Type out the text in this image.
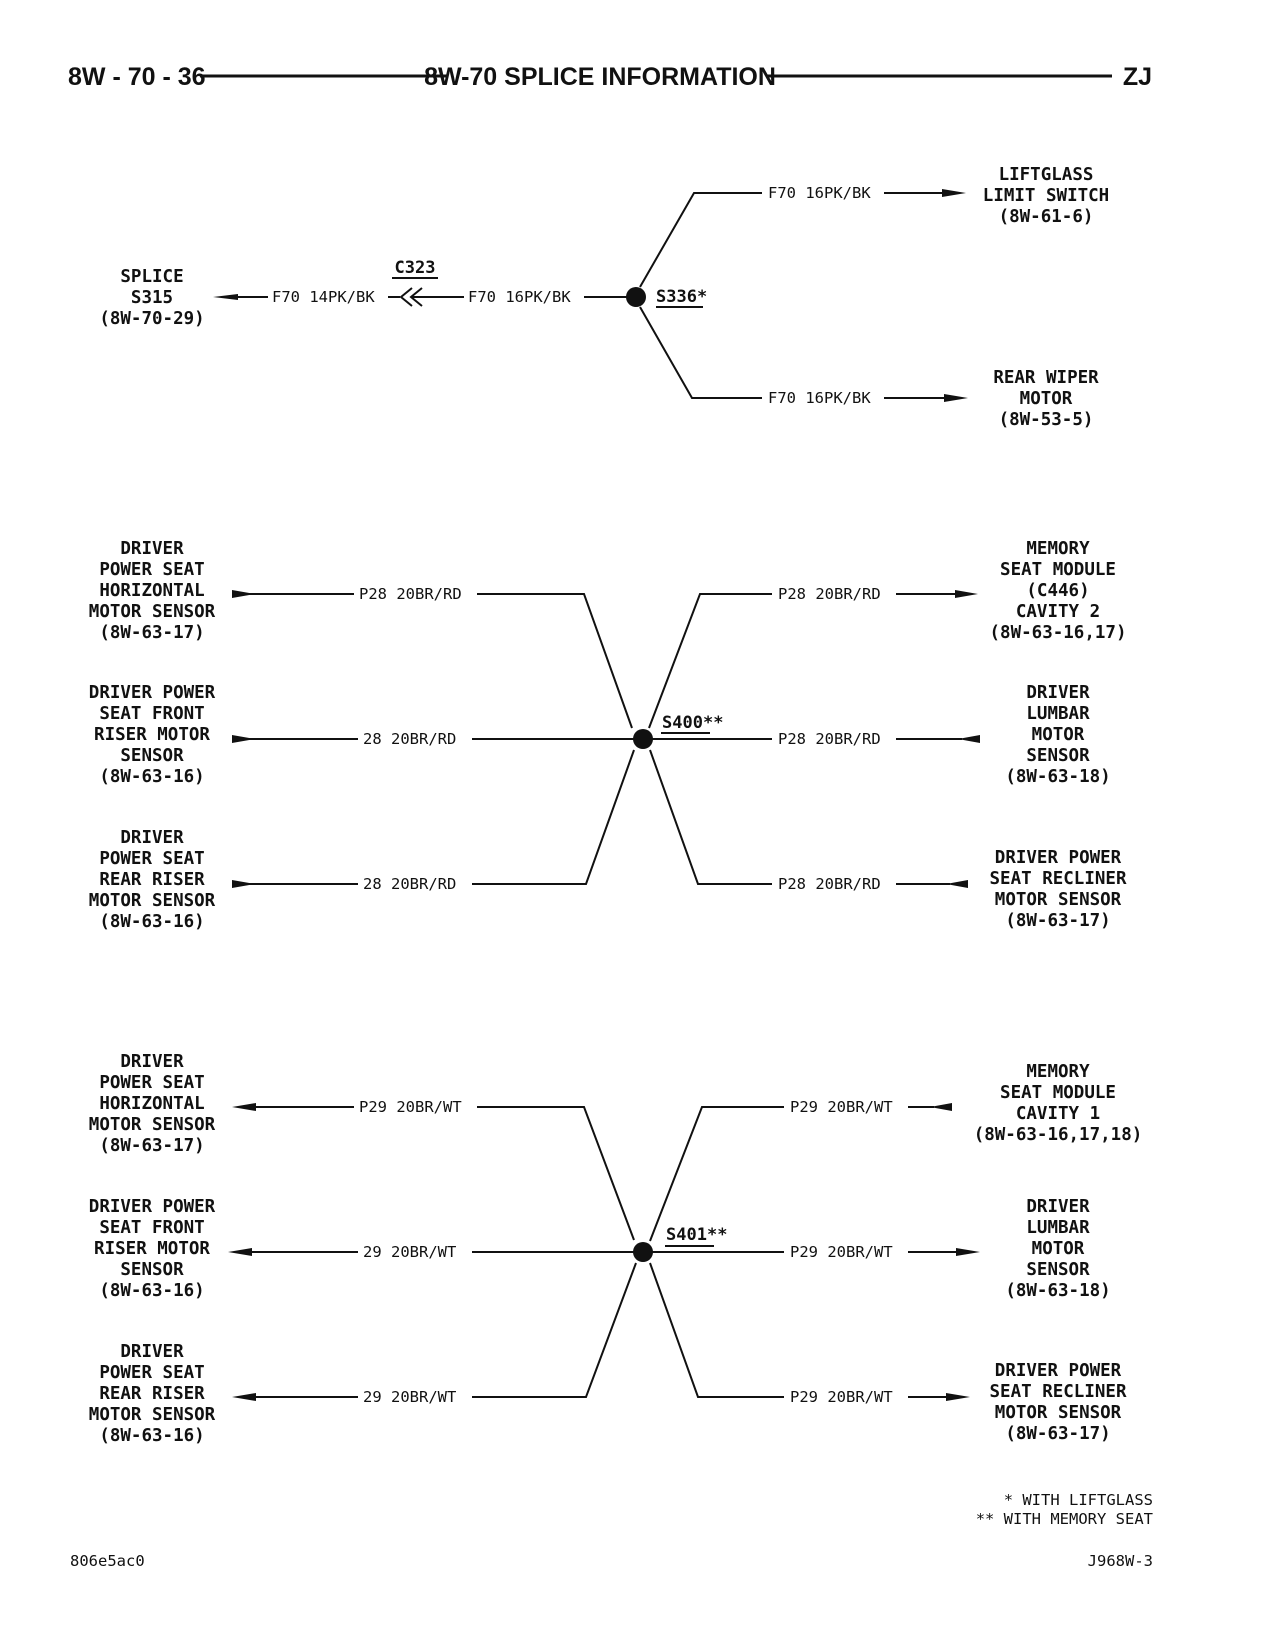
8W - 70 - 36	8W-70 SPLICE INFORMATION	ZJ
SPLICE
S315
(8W-70-29)
F70 14PK/BK
C323
F70 16PK/BK	S336*
F70 16PK/BK
LIFTGLASS
LIMIT SWITCH
(8W-61-6)
F70 16PK/BK
REAR WIPER
MOTOR
(8W-53-5)
DRIVER
POWER SEAT
HORIZONTAL
MOTOR SENSOR
(8W-63-17)
DRIVER POWER
SEAT FRONT
RISER MOTOR
SENSOR
(8W-63-16)
DRIVER
POWER SEAT
REAR RISER
MOTOR SENSOR
(8W-63-16)
P28 20BR/RD
28 20BR/RD
28 20BR/RD
S400**
P28 20BR/RD
P28 20BR/RD
P28 20BR/RD
MEMORY
SEAT MODULE
(C446)
CAVITY 2
(8W-63-16,17)
DRIVER
LUMBAR
MOTOR
SENSOR
(8W-63-18)
DRIVER POWER
SEAT RECLINER
MOTOR SENSOR
(8W-63-17)
DRIVER
POWER SEAT
HORIZONTAL
MOTOR SENSOR
(8W-63-17)
DRIVER POWER
SEAT FRONT
RISER MOTOR
SENSOR
(8W-63-16)
DRIVER
POWER SEAT
REAR RISER
MOTOR SENSOR
(8W-63-16)
P29 20BR/WT
29 20BR/WT
29 20BR/WT
S401**
P29 20BR/WT
P29 20BR/WT
P29 20BR/WT
MEMORY
SEAT MODULE
CAVITY 1
(8W-63-16,17,18)
DRIVER
LUMBAR
MOTOR
SENSOR
(8W-63-18)
DRIVER POWER
SEAT RECLINER
MOTOR SENSOR
(8W-63-17)
* WITH LIFTGLASS
** WITH MEMORY SEAT
806e5ac0	J968W-3
